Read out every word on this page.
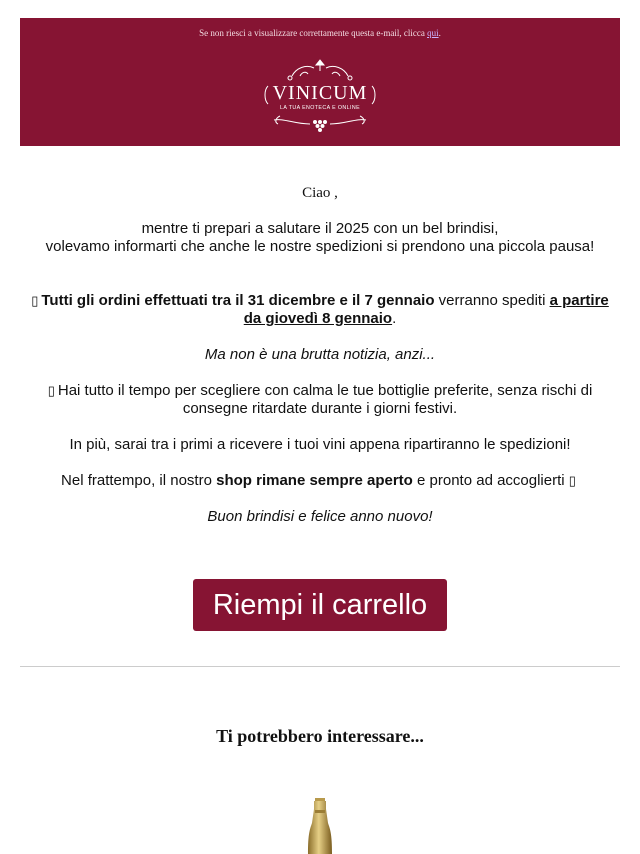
Se non riesci a visualizzare correttamente questa e-mail, clicca qui.
VINICUM
LA TUA ENOTECA E ONLINE
Ciao ,
mentre ti prepari a salutare il 2025 con un bel brindisi,
volevamo informarti che anche le nostre spedizioni si prendono una piccola pausa!
▯ Tutti gli ordini effettuati tra il 31 dicembre e il 7 gennaio verranno spediti a partire da giovedì 8 gennaio.
Ma non è una brutta notizia, anzi...
▯ Hai tutto il tempo per scegliere con calma le tue bottiglie preferite, senza rischi di consegne ritardate durante i giorni festivi.
In più, sarai tra i primi a ricevere i tuoi vini appena ripartiranno le spedizioni!
Nel frattempo, il nostro shop rimane sempre aperto e pronto ad accoglierti ▯
Buon brindisi e felice anno nuovo!
Riempi il carrello
Ti potrebbero interessare...
